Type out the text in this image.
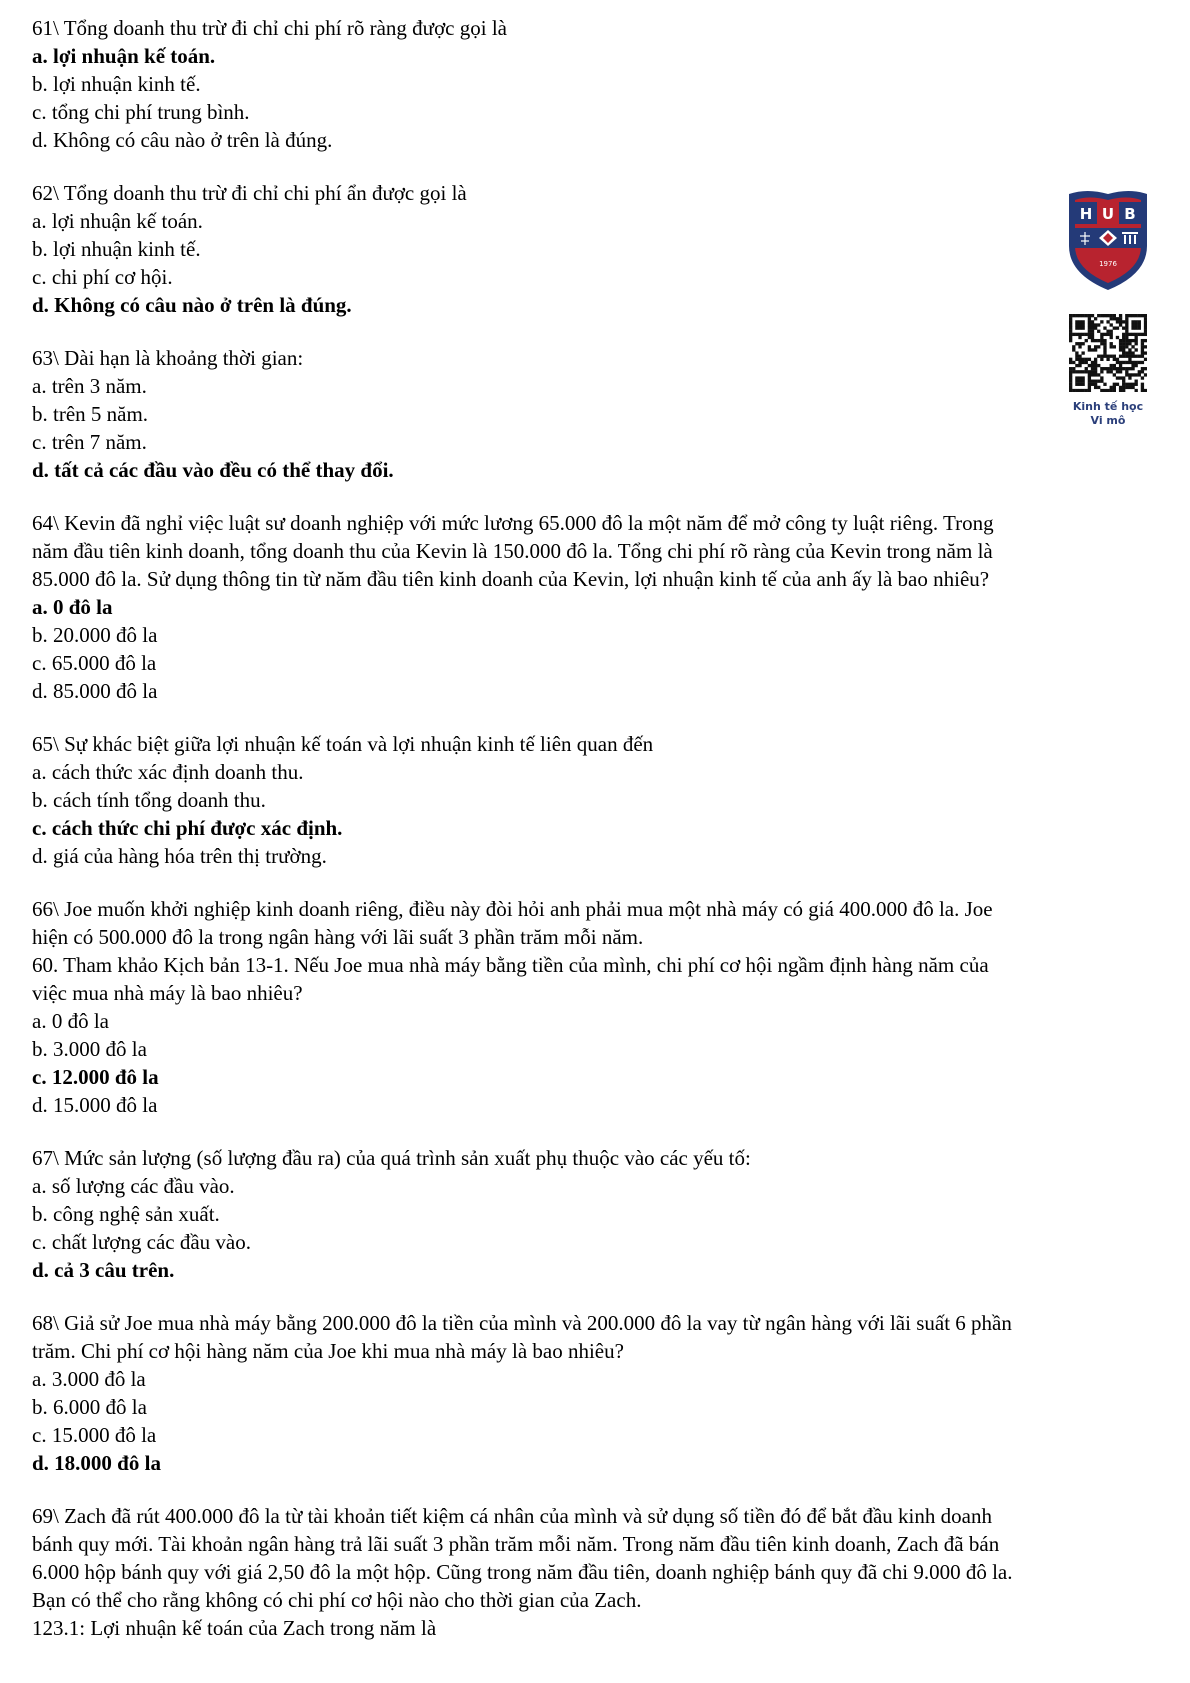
61\ Tổng doanh thu trừ đi chỉ chi phí rõ ràng được gọi là
a. lợi nhuận kế toán.
b. lợi nhuận kinh tế.
c. tổng chi phí trung bình.
d. Không có câu nào ở trên là đúng.
62\ Tổng doanh thu trừ đi chỉ chi phí ẩn được gọi là
a. lợi nhuận kế toán.
b. lợi nhuận kinh tế.
c. chi phí cơ hội.
d. Không có câu nào ở trên là đúng.
63\ Dài hạn là khoảng thời gian:
a. trên 3 năm.
b. trên 5 năm.
c. trên 7 năm.
d. tất cả các đầu vào đều có thể thay đổi.
64\ Kevin đã nghỉ việc luật sư doanh nghiệp với mức lương 65.000 đô la một năm để mở công ty luật riêng. Trong
năm đầu tiên kinh doanh, tổng doanh thu của Kevin là 150.000 đô la. Tổng chi phí rõ ràng của Kevin trong năm là
85.000 đô la. Sử dụng thông tin từ năm đầu tiên kinh doanh của Kevin, lợi nhuận kinh tế của anh ấy là bao nhiêu?
a. 0 đô la
b. 20.000 đô la
c. 65.000 đô la
d. 85.000 đô la
65\ Sự khác biệt giữa lợi nhuận kế toán và lợi nhuận kinh tế liên quan đến
a. cách thức xác định doanh thu.
b. cách tính tổng doanh thu.
c. cách thức chi phí được xác định.
d. giá của hàng hóa trên thị trường.
66\ Joe muốn khởi nghiệp kinh doanh riêng, điều này đòi hỏi anh phải mua một nhà máy có giá 400.000 đô la. Joe
hiện có 500.000 đô la trong ngân hàng với lãi suất 3 phần trăm mỗi năm.
60. Tham khảo Kịch bản 13-1. Nếu Joe mua nhà máy bằng tiền của mình, chi phí cơ hội ngầm định hàng năm của
việc mua nhà máy là bao nhiêu?
a. 0 đô la
b. 3.000 đô la
c. 12.000 đô la
d. 15.000 đô la
67\ Mức sản lượng (số lượng đầu ra) của quá trình sản xuất phụ thuộc vào các yếu tố:
a. số lượng các đầu vào.
b. công nghệ sản xuất.
c. chất lượng các đầu vào.
d. cả 3 câu trên.
68\ Giả sử Joe mua nhà máy bằng 200.000 đô la tiền của mình và 200.000 đô la vay từ ngân hàng với lãi suất 6 phần
trăm. Chi phí cơ hội hàng năm của Joe khi mua nhà máy là bao nhiêu?
a. 3.000 đô la
b. 6.000 đô la
c. 15.000 đô la
d. 18.000 đô la
69\ Zach đã rút 400.000 đô la từ tài khoản tiết kiệm cá nhân của mình và sử dụng số tiền đó để bắt đầu kinh doanh
bánh quy mới. Tài khoản ngân hàng trả lãi suất 3 phần trăm mỗi năm. Trong năm đầu tiên kinh doanh, Zach đã bán
6.000 hộp bánh quy với giá 2,50 đô la một hộp. Cũng trong năm đầu tiên, doanh nghiệp bánh quy đã chi 9.000 đô la.
Bạn có thể cho rằng không có chi phí cơ hội nào cho thời gian của Zach.
123.1: Lợi nhuận kế toán của Zach trong năm là
H U B
1976
Kinh tế học
Vi mô
